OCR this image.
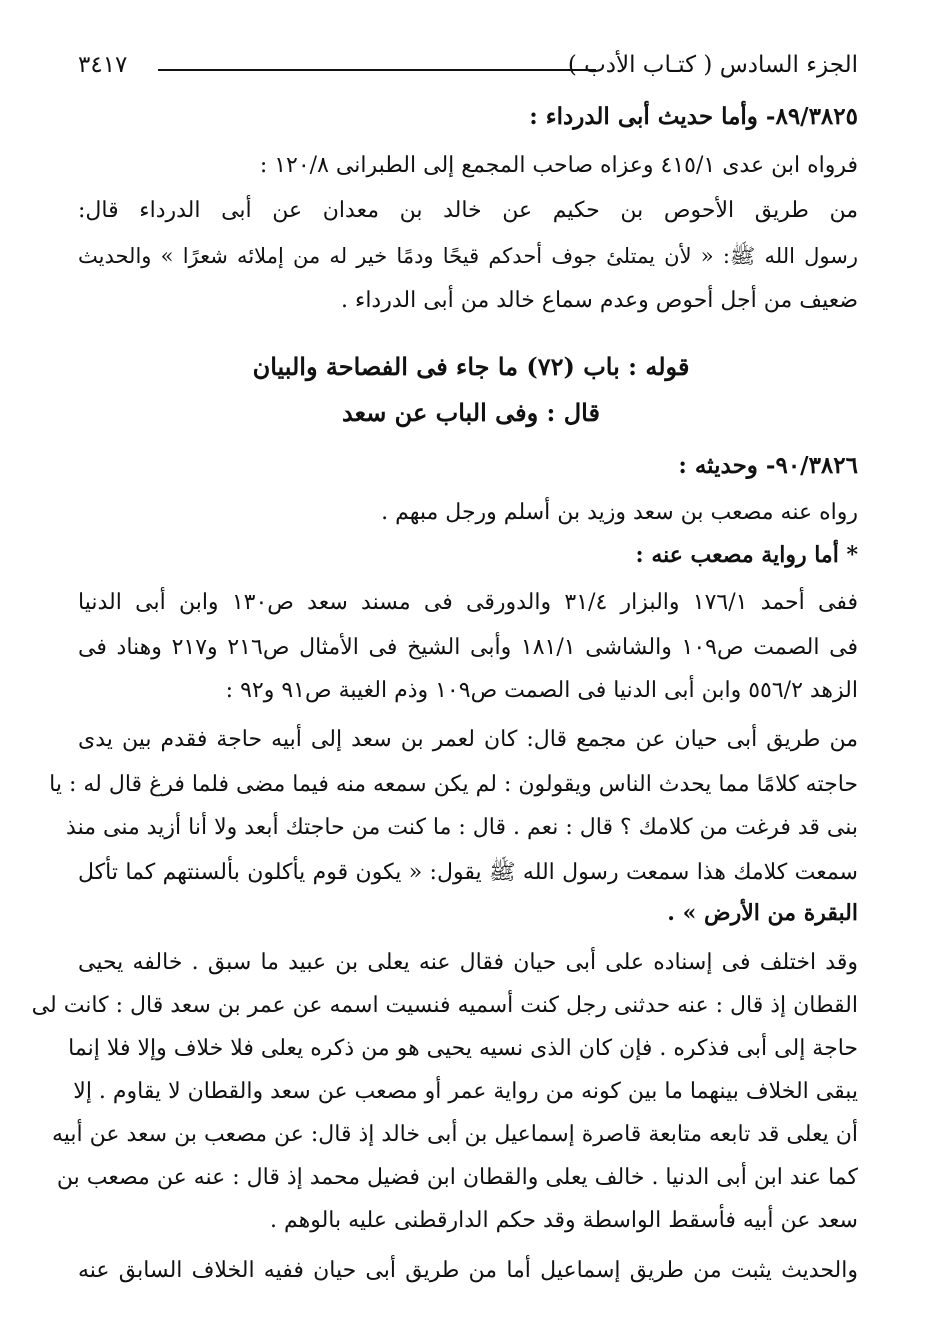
الجزء السادس ( كتـاب الأدب )
٣٤١٧
٨٩/٣٨٢٥- وأما حديث أبى الدرداء :
فرواه ابن عدى ٤١٥/١ وعزاه صاحب المجمع إلى الطبرانى ١٢٠/٨ :
من طريق الأحوص بن حكيم عن خالد بن معدان عن أبى الدرداء قال:
رسول الله ﷺ: « لأن يمتلئ جوف أحدكم قيحًا ودمًا خير له من إملائه شعرًا » والحديث
ضعيف من أجل أحوص وعدم سماع خالد من أبى الدرداء .
قوله : باب (٧٢) ما جاء فى الفصاحة والبيان
قال : وفى الباب عن سعد
٩٠/٣٨٢٦- وحديثه :
رواه عنه مصعب بن سعد وزيد بن أسلم ورجل مبهم .
* أما رواية مصعب عنه :
ففى أحمد ١٧٦/١ والبزار ٣١/٤ والدورقى فى مسند سعد ص١٣٠ وابن أبى الدنيا
فى الصمت ص١٠٩ والشاشى ١٨١/١ وأبى الشيخ فى الأمثال ص٢١٦ و٢١٧ وهناد فى
الزهد ٥٥٦/٢ وابن أبى الدنيا فى الصمت ص١٠٩ وذم الغيبة ص٩١ و٩٢ :
من طريق أبى حيان عن مجمع قال: كان لعمر بن سعد إلى أبيه حاجة فقدم بين يدى
حاجته كلامًا مما يحدث الناس ويقولون : لم يكن سمعه منه فيما مضى فلما فرغ قال له : يا
بنى قد فرغت من كلامك ؟ قال : نعم . قال : ما كنت من حاجتك أبعد ولا أنا أزيد منى منذ
سمعت كلامك هذا سمعت رسول الله ﷺ يقول: « يكون قوم يأكلون بألسنتهم كما تأكل
البقرة من الأرض » .
وقد اختلف فى إسناده على أبى حيان فقال عنه يعلى بن عبيد ما سبق . خالفه يحيى
القطان إذ قال : عنه حدثنى رجل كنت أسميه فنسيت اسمه عن عمر بن سعد قال : كانت لى
حاجة إلى أبى فذكره . فإن كان الذى نسيه يحيى هو من ذكره يعلى فلا خلاف وإلا فلا إنما
يبقى الخلاف بينهما ما بين كونه من رواية عمر أو مصعب عن سعد والقطان لا يقاوم . إلا
أن يعلى قد تابعه متابعة قاصرة إسماعيل بن أبى خالد إذ قال: عن مصعب بن سعد عن أبيه
كما عند ابن أبى الدنيا . خالف يعلى والقطان ابن فضيل محمد إذ قال : عنه عن مصعب بن
سعد عن أبيه فأسقط الواسطة وقد حكم الدارقطنى عليه بالوهم .
والحديث يثبت من طريق إسماعيل أما من طريق أبى حيان ففيه الخلاف السابق عنه
